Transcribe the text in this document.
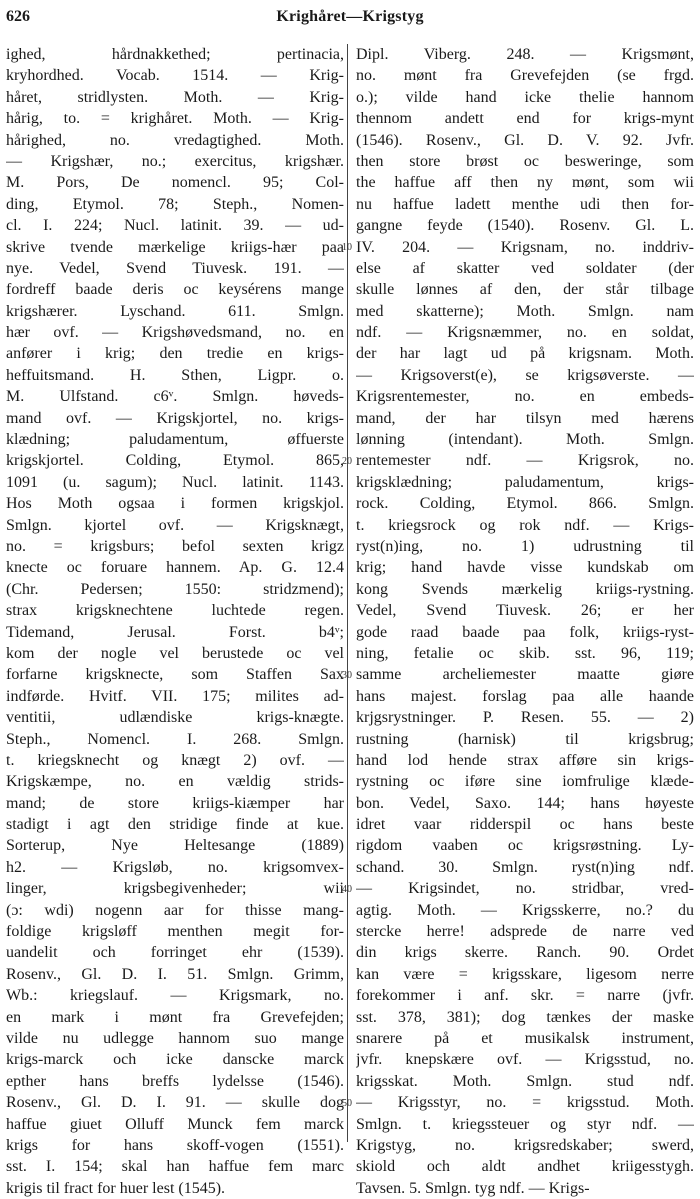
626	Krighåret—Krigstyg
ighed, hårdnakkethed; pertinacia,
kryhordhed. Vocab. 1514. — Krig-
håret, stridlysten. Moth. — Krig-
hårig, to. = krighåret. Moth. — Krig-
hårighed, no. vredagtighed. Moth.
— Krigshær, no.; exercitus, krigshær.
M. Pors, De nomencl. 95; Col-
ding, Etymol. 78; Steph., Nomen-
cl. I. 224; Nucl. latinit. 39. — ud-
skrive tvende mærkelige kriigs-hær paa
nye. Vedel, Svend Tiuvesk. 191. —
fordreff baade deris oc keysérens mange
krigshærer. Lyschand. 611. Smlgn.
hær ovf. — Krigshøvedsmand, no. en
anfører i krig; den tredie en krigs-
heffuitsmand. H. Sthen, Ligpr. o.
M. Ulfstand. c6ᵛ. Smlgn. høveds-
mand ovf. — Krigskjortel, no. krigs-
klædning; paludamentum, øffuerste
krigskjortel. Colding, Etymol. 865,
1091 (u. sagum); Nucl. latinit. 1143.
Hos Moth ogsaa i formen krigskjol.
Smlgn. kjortel ovf. — Krigsknægt,
no. = krigsburs; befol sexten krigz
knecte oc foruare hannem. Ap. G. 12.4
(Chr. Pedersen; 1550: stridzmend);
strax krigsknechtene luchtede regen.
Tidemand, Jerusal. Forst. b4ᵛ;
kom der nogle vel berustede oc vel
forfarne krigsknecte, som Staffen Sax
indførde. Hvitf. VII. 175; milites ad-
ventitii, udlændiske krigs-knægte.
Steph., Nomencl. I. 268. Smlgn.
t. kriegsknecht og knægt 2) ovf. —
Krigskæmpe, no. en vældig strids-
mand; de store kriigs-kiæmper har
stadigt i agt den stridige finde at kue.
Sorterup, Nye Heltesange (1889)
h2. — Krigsløb, no. krigsomvex-
linger, krigsbegivenheder; wii
(ɔ: wdi) nogenn aar for thisse mang-
foldige krigsløff menthen megit for-
uandelit och forringet ehr (1539).
Rosenv., Gl. D. I. 51. Smlgn. Grimm,
Wb.: kriegslauf. — Krigsmark, no.
en mark i mønt fra Grevefejden;
vilde nu udlegge hannom suo mange
krigs-marck och icke danscke marck
epther hans breffs lydelsse (1546).
Rosenv., Gl. D. I. 91. — skulle dog
haffue giuet Olluff Munck fem marck
krigs for hans skoff-vogen (1551).
sst. I. 154; skal han haffue fem marc
krigis til fract for huer lest (1545).
10
20
30
40
50
Dipl. Viberg. 248. — Krigsmønt,
no. mønt fra Grevefejden (se frgd.
o.); vilde hand icke thelie hannom
thennom andett end for krigs-mynt
(1546). Rosenv., Gl. D. V. 92. Jvfr.
then store brøst oc besweringe, som
the haffue aff then ny mønt, som wii
nu haffue ladett menthe udi then for-
gangne feyde (1540). Rosenv. Gl. L.
IV. 204. — Krigsnam, no. inddriv-
else af skatter ved soldater (der
skulle lønnes af den, der står tilbage
med skatterne); Moth. Smlgn. nam
ndf. — Krigsnæmmer, no. en soldat,
der har lagt ud på krigsnam. Moth.
— Krigsoverst(e), se krigsøverste. —
Krigsrentemester, no. en embeds-
mand, der har tilsyn med hærens
lønning (intendant). Moth. Smlgn.
rentemester ndf. — Krigsrok, no.
krigsklædning; paludamentum, krigs-
rock. Colding, Etymol. 866. Smlgn.
t. kriegsrock og rok ndf. — Krigs-
ryst(n)ing, no. 1) udrustning til
krig; hand havde visse kundskab om
kong Svends mærkelig kriigs-rystning.
Vedel, Svend Tiuvesk. 26; er her
gode raad baade paa folk, kriigs-ryst-
ning, fetalie oc skib. sst. 96, 119;
samme archeliemester maatte giøre
hans majest. forslag paa alle haande
krjgsrystninger. P. Resen. 55. — 2)
rustning (harnisk) til krigsbrug;
hand lod hende strax afføre sin krigs-
rystning oc iføre sine iomfrulige klæde-
bon. Vedel, Saxo. 144; hans høyeste
idret vaar ridderspil oc hans beste
rigdom vaaben oc krigsrøstning. Ly-
schand. 30. Smlgn. ryst(n)ing ndf.
— Krigsindet, no. stridbar, vred-
agtig. Moth. — Krigsskerre, no.? du
stercke herre! adsprede de narre ved
din krigs skerre. Ranch. 90. Ordet
kan være = krigsskare, ligesom nerre
forekommer i anf. skr. = narre (jvfr.
sst. 378, 381); dog tænkes der maske
snarere på et musikalsk instrument,
jvfr. knepskære ovf. — Krigsstud, no.
krigsskat. Moth. Smlgn. stud ndf.
— Krigsstyr, no. = krigsstud. Moth.
Smlgn. t. kriegssteuer og styr ndf. —
Krigstyg, no. krigsredskaber; swerd,
skiold och aldt andhet kriigesstygh.
Tavsen. 5. Smlgn. tyg ndf. — Krigs-
